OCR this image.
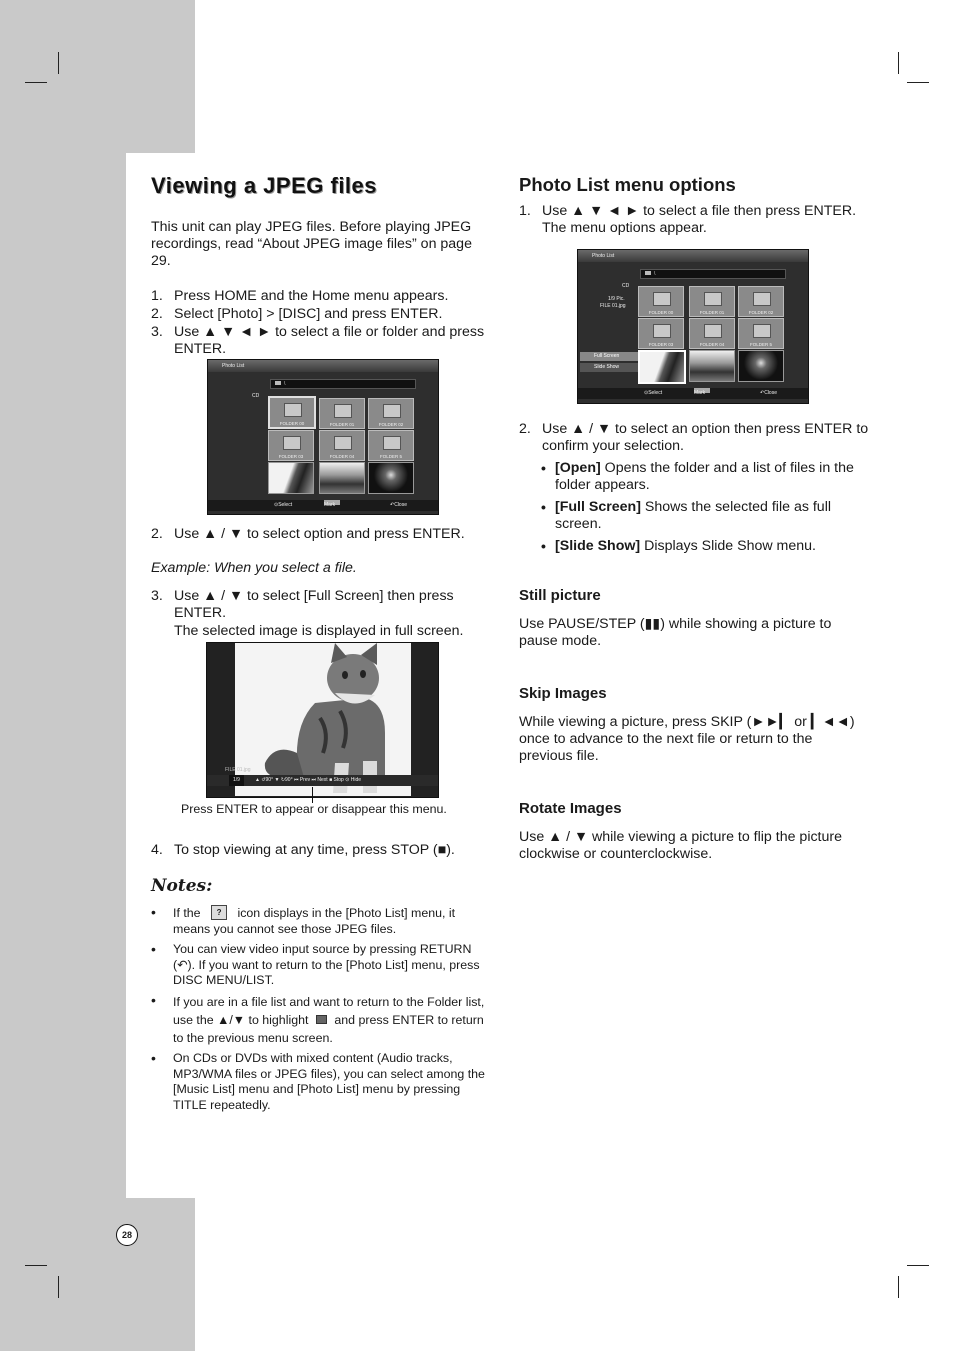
Viewing a JPEG files
This unit can play JPEG files. Before playing JPEG recordings, read “About JPEG image files” on page 29.
1. Press HOME and the Home menu appears.
2. Select [Photo] > [DISC] and press ENTER.
3. Use ▲ ▼ ◄ ► to select a file or folder and press ENTER.
Photo List
\
CD
FOLDER 00	FOLDER 01	FOLDER 02
FOLDER 03	FOLDER 04	FOLDER 5
⊙ Select	Mark	↶ Close
2. Use ▲ / ▼ to select option and press ENTER.
Example: When you select a file.
3. Use ▲ / ▼ to select [Full Screen] then press ENTER.
The selected image is displayed in full screen.
FILE 01.jpg
1/9	▲ ↺90° ▼ ↻90° ⏮ Prev ⏭ Next ■ Stop ⊙ Hide
Press ENTER to appear or disappear this menu.
4. To stop viewing at any time, press STOP (■).
Notes:
• If the ? icon displays in the [Photo List] menu, it means you cannot see those JPEG files.
• You can view video input source by pressing RETURN (↶). If you want to return to the [Photo List] menu, press DISC MENU/LIST.
• If you are in a file list and want to return to the Folder list, use the ▲/▼ to highlight and press ENTER to return to the previous menu screen.
• On CDs or DVDs with mixed content (Audio tracks, MP3/WMA files or JPEG files), you can select among the [Music List] menu and [Photo List] menu by pressing TITLE repeatedly.
Photo List menu options
1. Use ▲ ▼ ◄ ► to select a file then press ENTER.
The menu options appear.
Photo List
\
CD
1/9 Pic.
FILE 01.jpg
FOLDER 00	FOLDER 01	FOLDER 02
FOLDER 03	FOLDER 04	FOLDER 5
Full Screen
Slide Show
⊙ Select	Mark	↶ Close
2. Use ▲ / ▼ to select an option then press ENTER to confirm your selection.
• [Open] Opens the folder and a list of files in the folder appears.
• [Full Screen] Shows the selected file as full screen.
• [Slide Show] Displays Slide Show menu.
Still picture
Use PAUSE/STEP (▮▮) while showing a picture to pause mode.
Skip Images
While viewing a picture, press SKIP (►►▎ or ▎◄◄) once to advance to the next file or return to the previous file.
Rotate Images
Use ▲ / ▼ while viewing a picture to flip the picture clockwise or counterclockwise.
28
